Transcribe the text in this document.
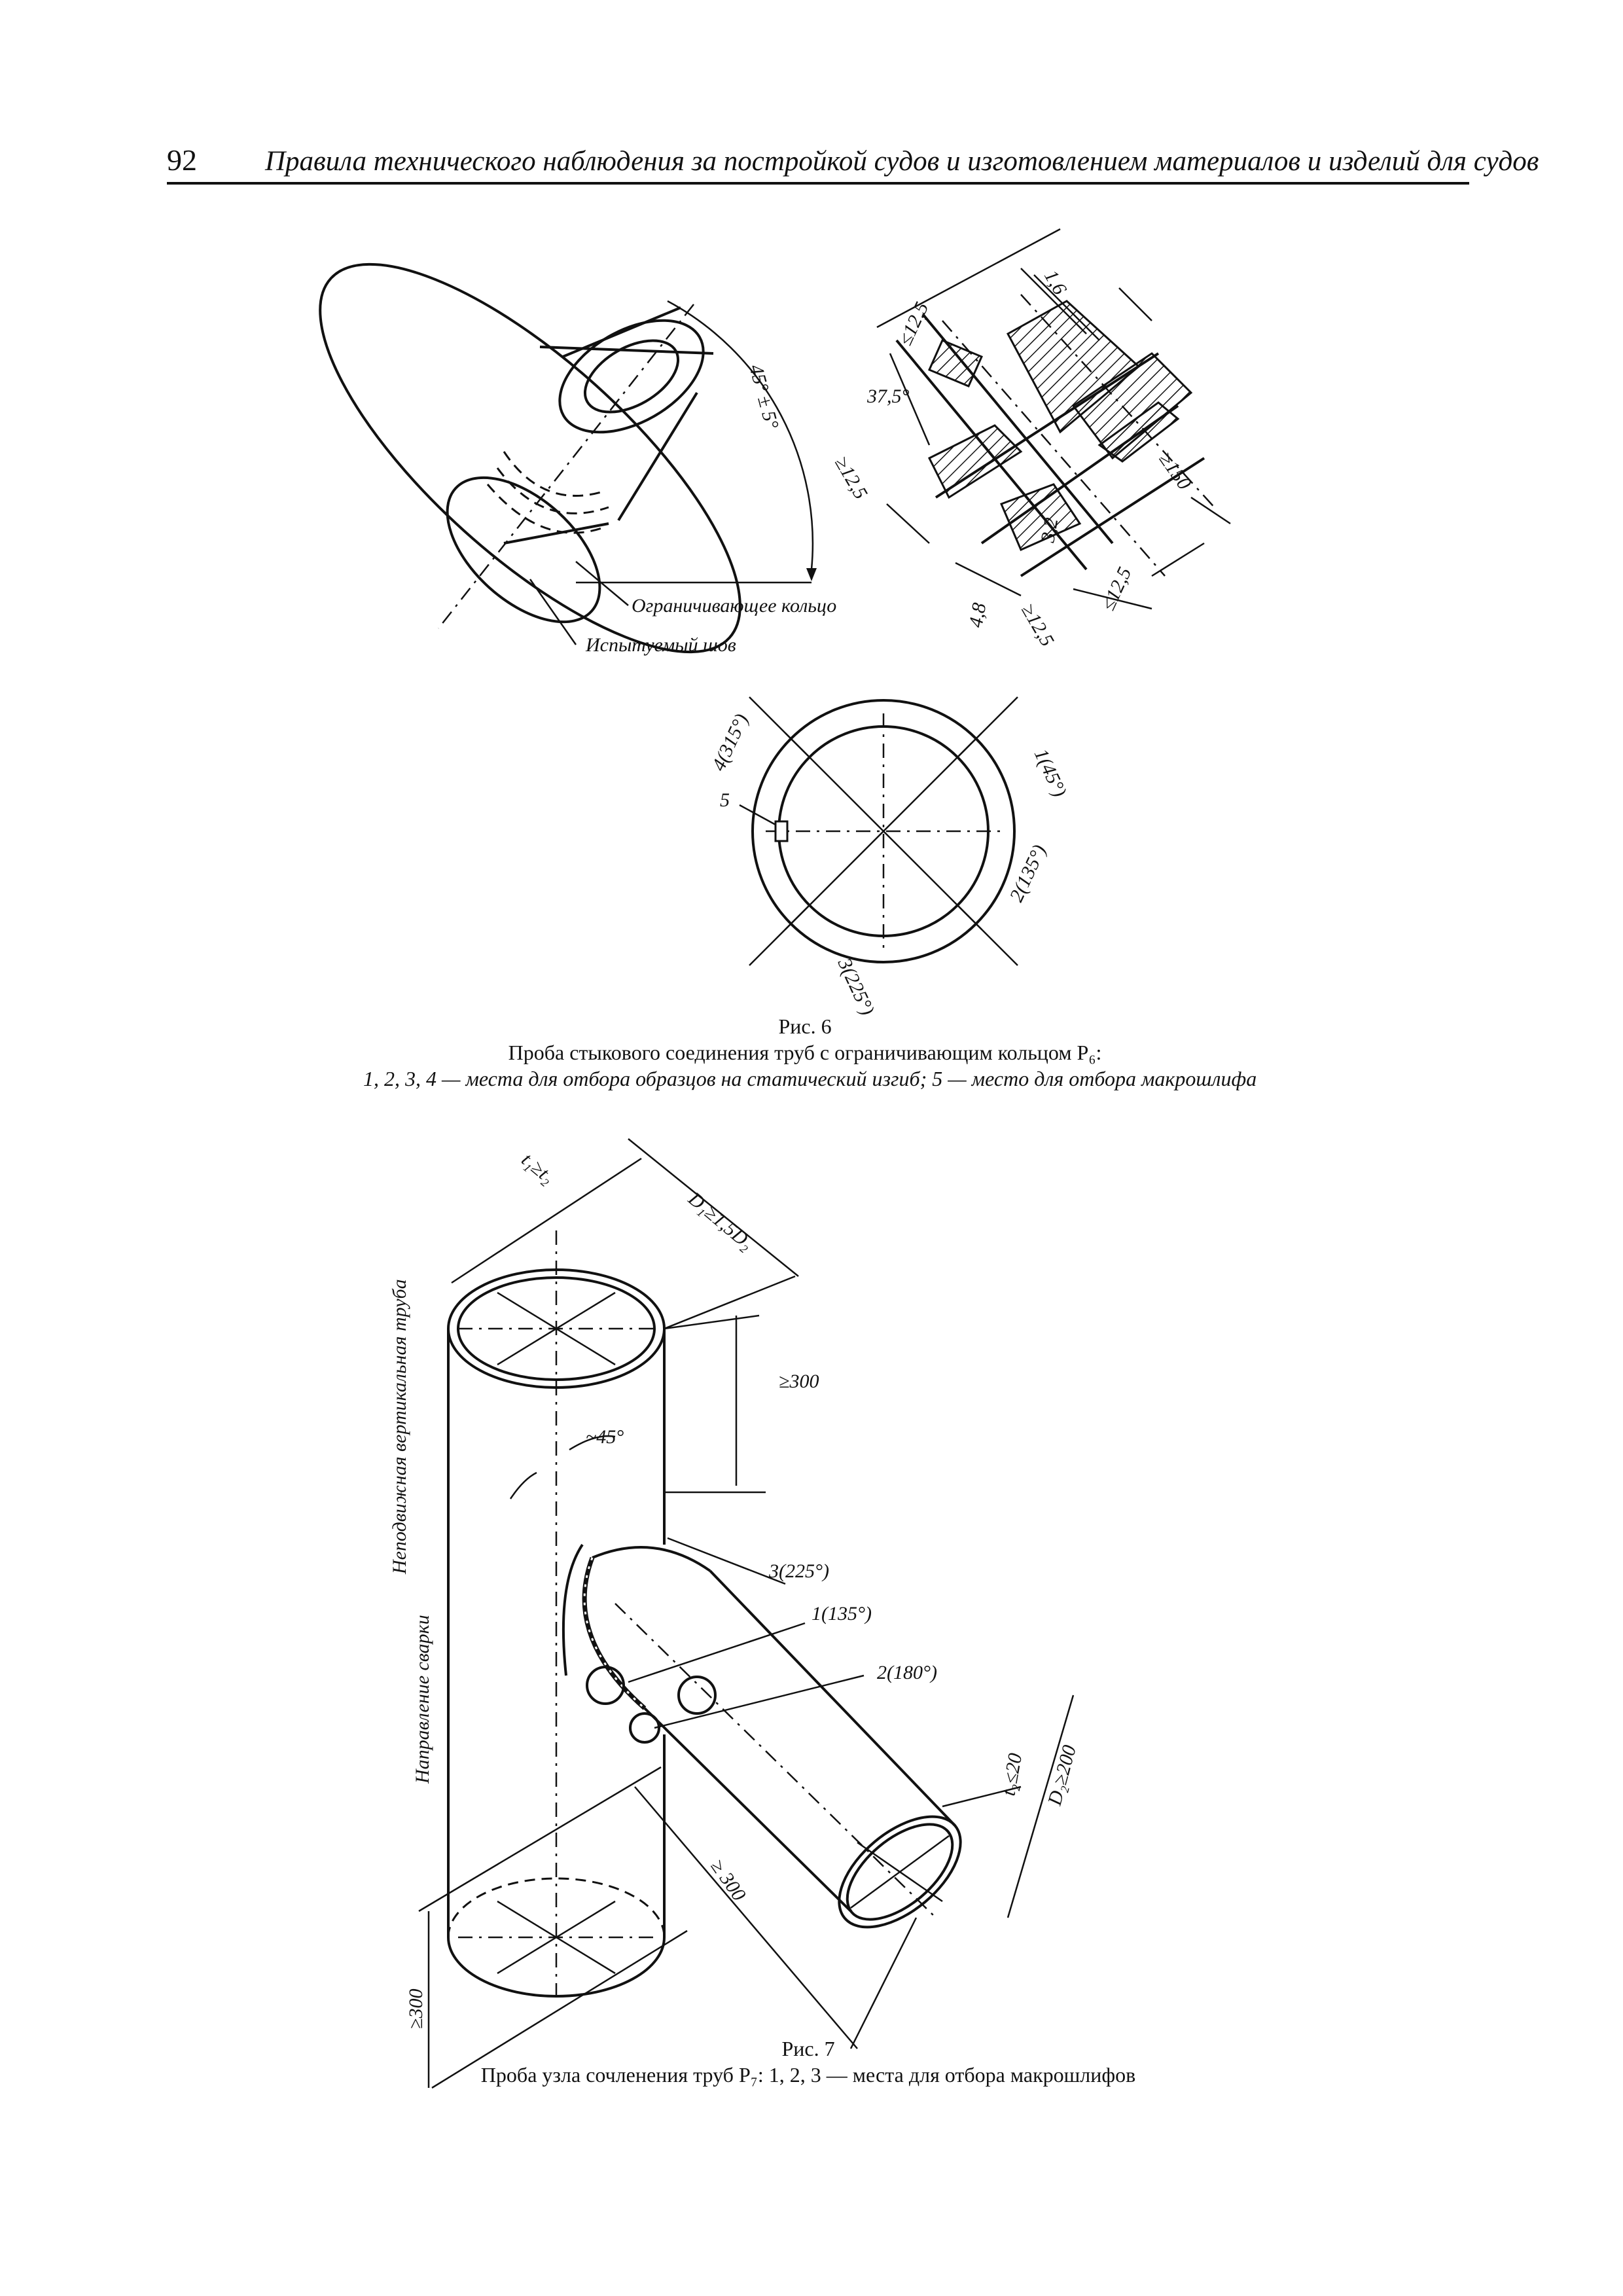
92 Правила технического наблюдения за постройкой судов и изготовлением материалов и изделий для судов
45° ± 5°
Ограничивающее кольцо
Испытуемый шов
≤12,5
1,6
37,5°
≥12,5	≥150
3,2
4,8 ≥12,5
≤12,5
4(315°)	1(45°)
2(135°)
3(225°)
5
t₁≥t₂
D₁≥1,5D₂
≥300
~45°
Неподвижная вертикальная труба
Направление сварки
3(225°)
1(135°)
2(180°)
t₂≤20 D₂≥200
≥ 300
≥300
Рис. 6
Проба стыкового соединения труб с ограничивающим кольцом Р₆:
1, 2, 3, 4 — места для отбора образцов на статический изгиб; 5 — место для отбора макрошлифа
Рис. 7
Проба узла сочленения труб Р₇: 1, 2, 3 — места для отбора макрошлифов
